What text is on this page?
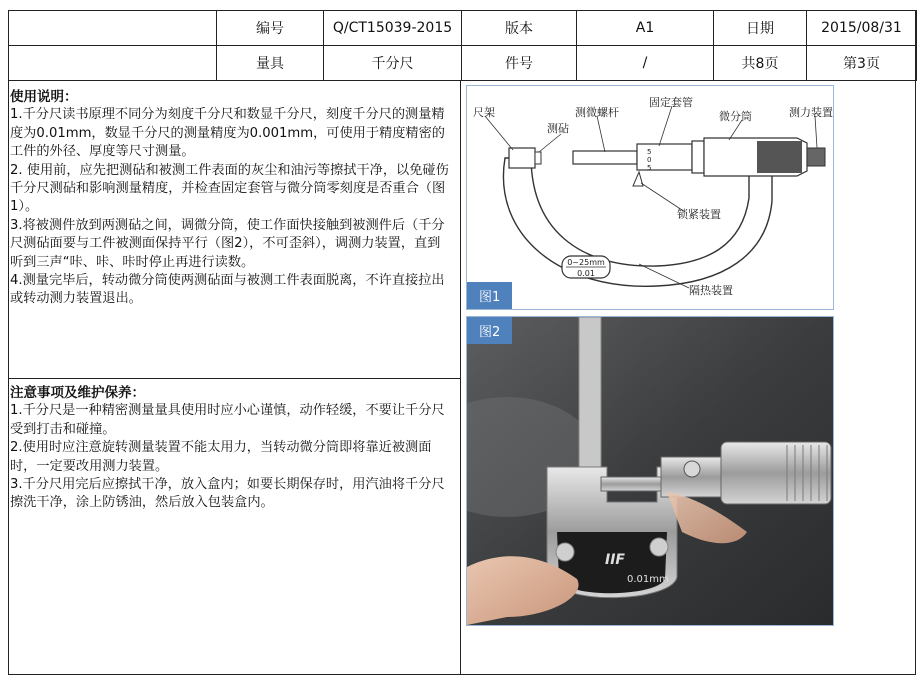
	编号	Q/CT15039-2015	版本	A1	日期	2015/08/31
	量具	千分尺	件号	/	共8页	第3页
使用说明：

1.千分尺读书原理不同分为刻度千分尺和数显千分尺，刻度千分尺的测量精度为0.01mm，数显千分尺的测量精度为0.001mm，可使用于精度精密的工件的外径、厚度等尺寸测量。

2. 使用前，应先把测砧和被测工件表面的灰尘和油污等擦拭干净，以免碰伤千分尺测砧和影响测量精度，并检查固定套管与微分筒零刻度是否重合（图1）。

3.将被测件放到两测砧之间，调微分筒，使工作面快接触到被测件后（千分尺测砧面要与工件被测面保持平行（图2），不可歪斜），调测力装置，直到听到三声“咔、咔、咔时停止再进行读数。

4.测量完毕后，转动微分筒使两测砧面与被测工件表面脱离，不许直接拉出或转动测力装置退出。

注意事项及维护保养：

1.千分尺是一种精密测量量具使用时应小心谨慎，动作轻缓，不要让千分尺受到打击和碰撞。

2.使用时应注意旋转测量装置不能太用力，当转动微分筒即将靠近被测面时，一定要改用测力装置。

3.千分尺用完后应擦拭干净，放入盒内；如要长期保存时，用汽油将千分尺擦洗干净，涂上防锈油，然后放入包装盒内。

0~25mm
0.01
5
0
5
尺架
测砧
测微螺杆
固定套管
微分筒	测力装置
锁紧装置
隔热装置
图1
0.01mm
IIF
图2
